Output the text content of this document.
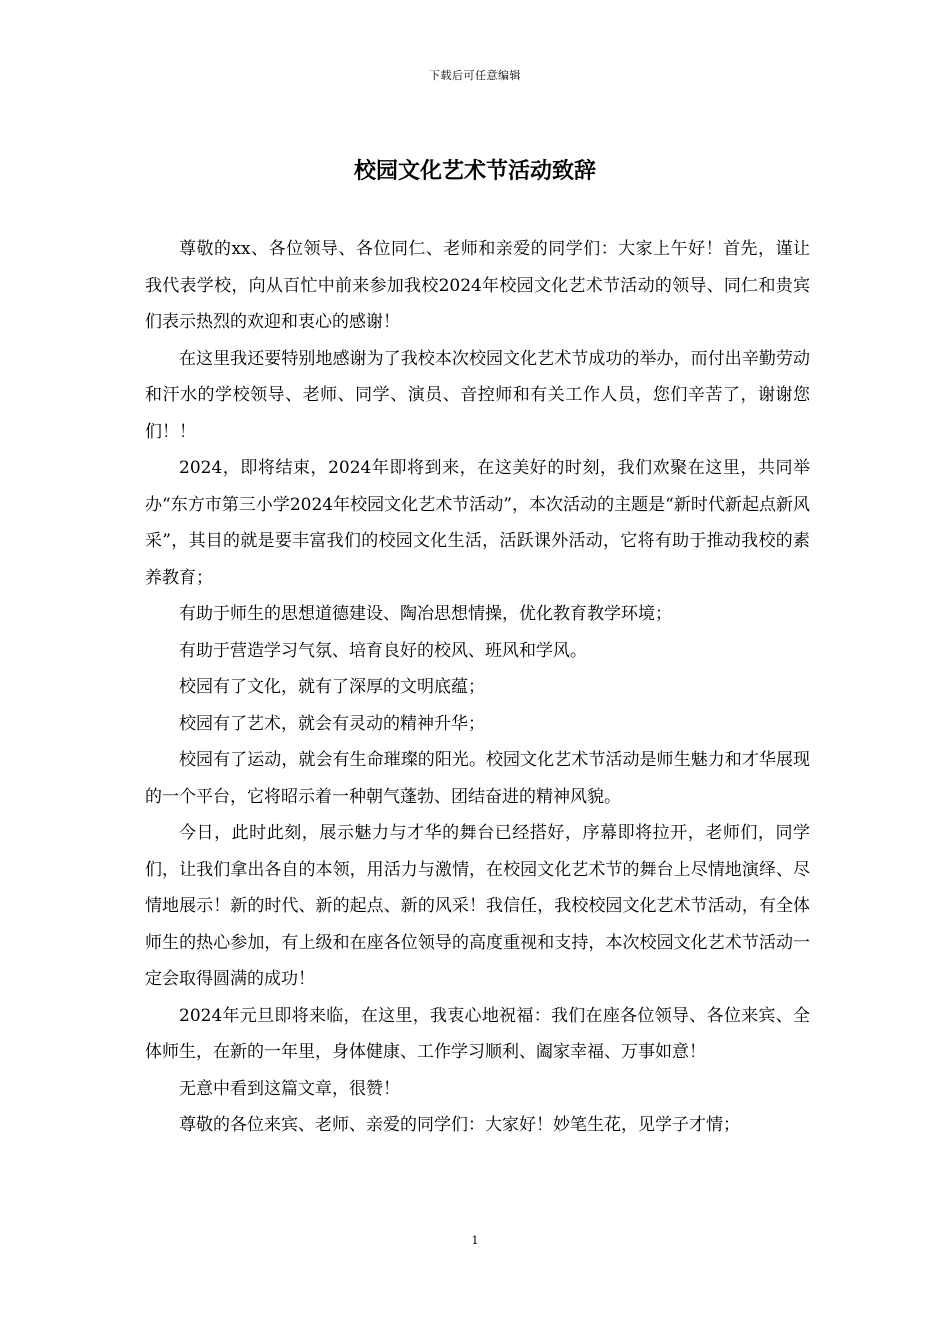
下载后可任意编辑
校园文化艺术节活动致辞

尊敬的xx、各位领导、各位同仁、老师和亲爱的同学们：大家上午好！首先，谨让我代表学校，向从百忙中前来参加我校2024年校园文化艺术节活动的领导、同仁和贵宾们表示热烈的欢迎和衷心的感谢！

在这里我还要特别地感谢为了我校本次校园文化艺术节成功的举办，而付出辛勤劳动和汗水的学校领导、老师、同学、演员、音控师和有关工作人员，您们辛苦了，谢谢您们！！

2024，即将结束，2024年即将到来，在这美好的时刻，我们欢聚在这里，共同举办“东方市第三小学2024年校园文化艺术节活动”，本次活动的主题是“新时代新起点新风采”，其目的就是要丰富我们的校园文化生活，活跃课外活动，它将有助于推动我校的素养教育；

有助于师生的思想道德建设、陶冶思想情操，优化教育教学环境；

有助于营造学习气氛、培育良好的校风、班风和学风。

校园有了文化，就有了深厚的文明底蕴；

校园有了艺术，就会有灵动的精神升华；

校园有了运动，就会有生命璀璨的阳光。校园文化艺术节活动是师生魅力和才华展现的一个平台，它将昭示着一种朝气蓬勃、团结奋进的精神风貌。

今日，此时此刻，展示魅力与才华的舞台已经搭好，序幕即将拉开，老师们，同学们，让我们拿出各自的本领，用活力与激情，在校园文化艺术节的舞台上尽情地演绎、尽情地展示！新的时代、新的起点、新的风采！我信任，我校校园文化艺术节活动，有全体师生的热心参加，有上级和在座各位领导的高度重视和支持，本次校园文化艺术节活动一定会取得圆满的成功！

2024年元旦即将来临，在这里，我衷心地祝福：我们在座各位领导、各位来宾、全体师生，在新的一年里，身体健康、工作学习顺利、阖家幸福、万事如意！

无意中看到这篇文章，很赞！

尊敬的各位来宾、老师、亲爱的同学们：大家好！妙笔生花，见学子才情；

1
